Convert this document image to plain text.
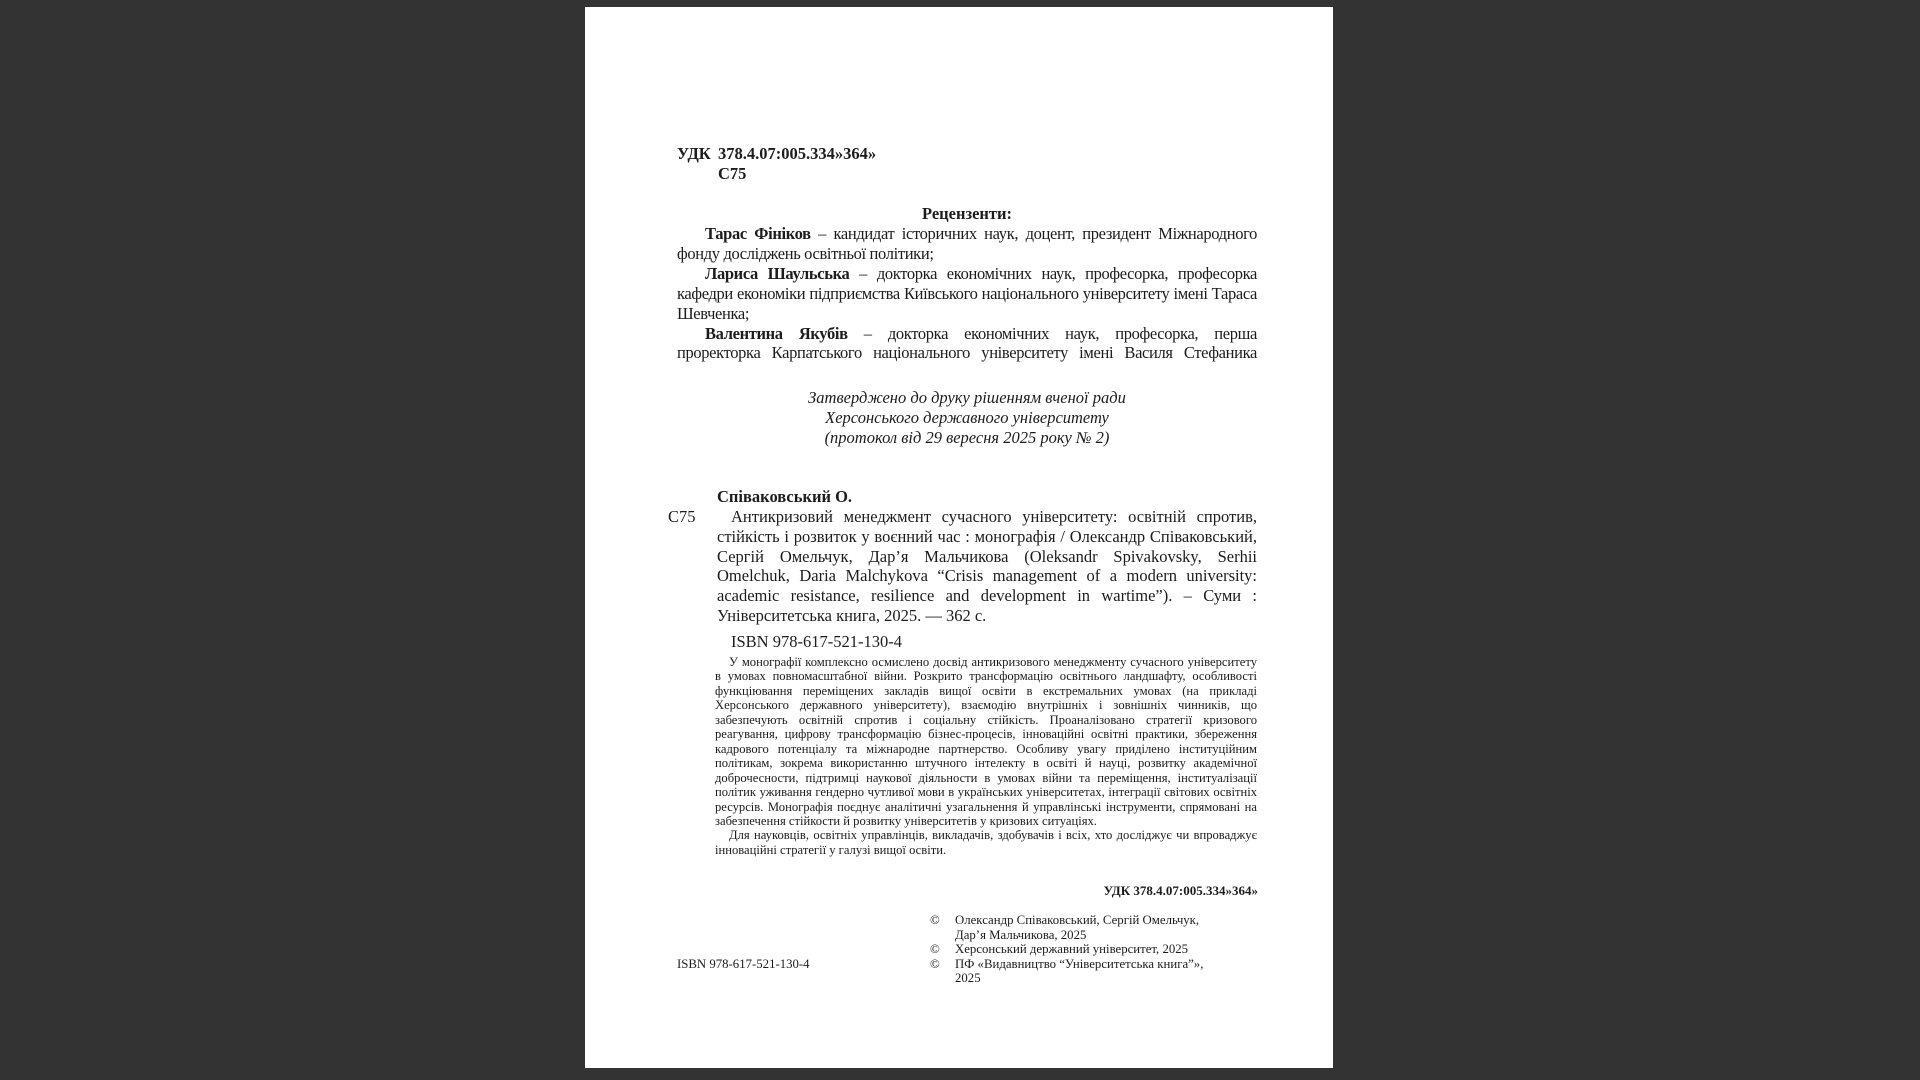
УДК 378.4.07:005.334»364»
С75
Рецензенти:

Тарас Фініков – кандидат історичних наук, доцент, президент Міжнародного фонду досліджень освітньої політики;

Лариса Шаульська – докторка економічних наук, професорка, професорка кафедри економіки підприємства Київського національного університету імені Тараса Шевченка;

Валентина Якубів – докторка економічних наук, професорка, перша проректорка Карпатського національного університету імені Василя Стефаника

Затверджено до друку рішенням вченої ради
Херсонського державного університету
(протокол від 29 вересня 2025 року № 2)
Співаковський О.
С75	Антикризовий менеджмент сучасного університету: освітній спротив, стійкість і розвиток у воєнний час : монографія / Олександр Співаковський, Сергій Омельчук, Дар’я Мальчикова (Oleksandr Spivakovsky, Serhii Omelchuk, Daria Malchykova “Crisis management of a modern university: academic resistance, resilience and development in wartime”). – Суми : Університетська книга, 2025. — 362 с.

ISBN 978-617-521-130-4

У монографії комплексно осмислено досвід антикризового менеджменту сучасного університету в умовах повномасштабної війни. Розкрито трансформацію освітнього ландшафту, особливості функціювання переміщених закладів вищої освіти в екстремальних умовах (на прикладі Херсонського державного університету), взаємодію внутрішніх і зовнішніх чинників, що забезпечують освітній спротив і соціальну стійкість. Проаналізовано стратегії кризового реагування, цифрову трансформацію бізнес-процесів, інноваційні освітні практики, збереження кадрового потенціалу та міжнародне партнерство. Особливу увагу приділено інституційним політикам, зокрема використанню штучного інтелекту в освіті й науці, розвитку академічної доброчесности, підтримці наукової діяльности в умовах війни та переміщення, інституалізації політик уживання гендерно чутливої мови в українських університетах, інтеграції світових освітніх ресурсів. Монографія поєднує аналітичні узагальнення й управлінські інструменти, спрямовані на забезпечення стійкости й розвитку університетів у кризових ситуаціях.

Для науковців, освітніх управлінців, викладачів, здобувачів і всіх, хто досліджує чи впроваджує інноваційні стратегії у галузі вищої освіти.

УДК 378.4.07:005.334»364»
ISBN 978-617-521-130-4
©	Олександр Співаковський, Сергій Омельчук,
Дар’я Мальчикова, 2025
©	Херсонський державний університет, 2025
©	ПФ «Видавництво “Університетська книга”», 2025
